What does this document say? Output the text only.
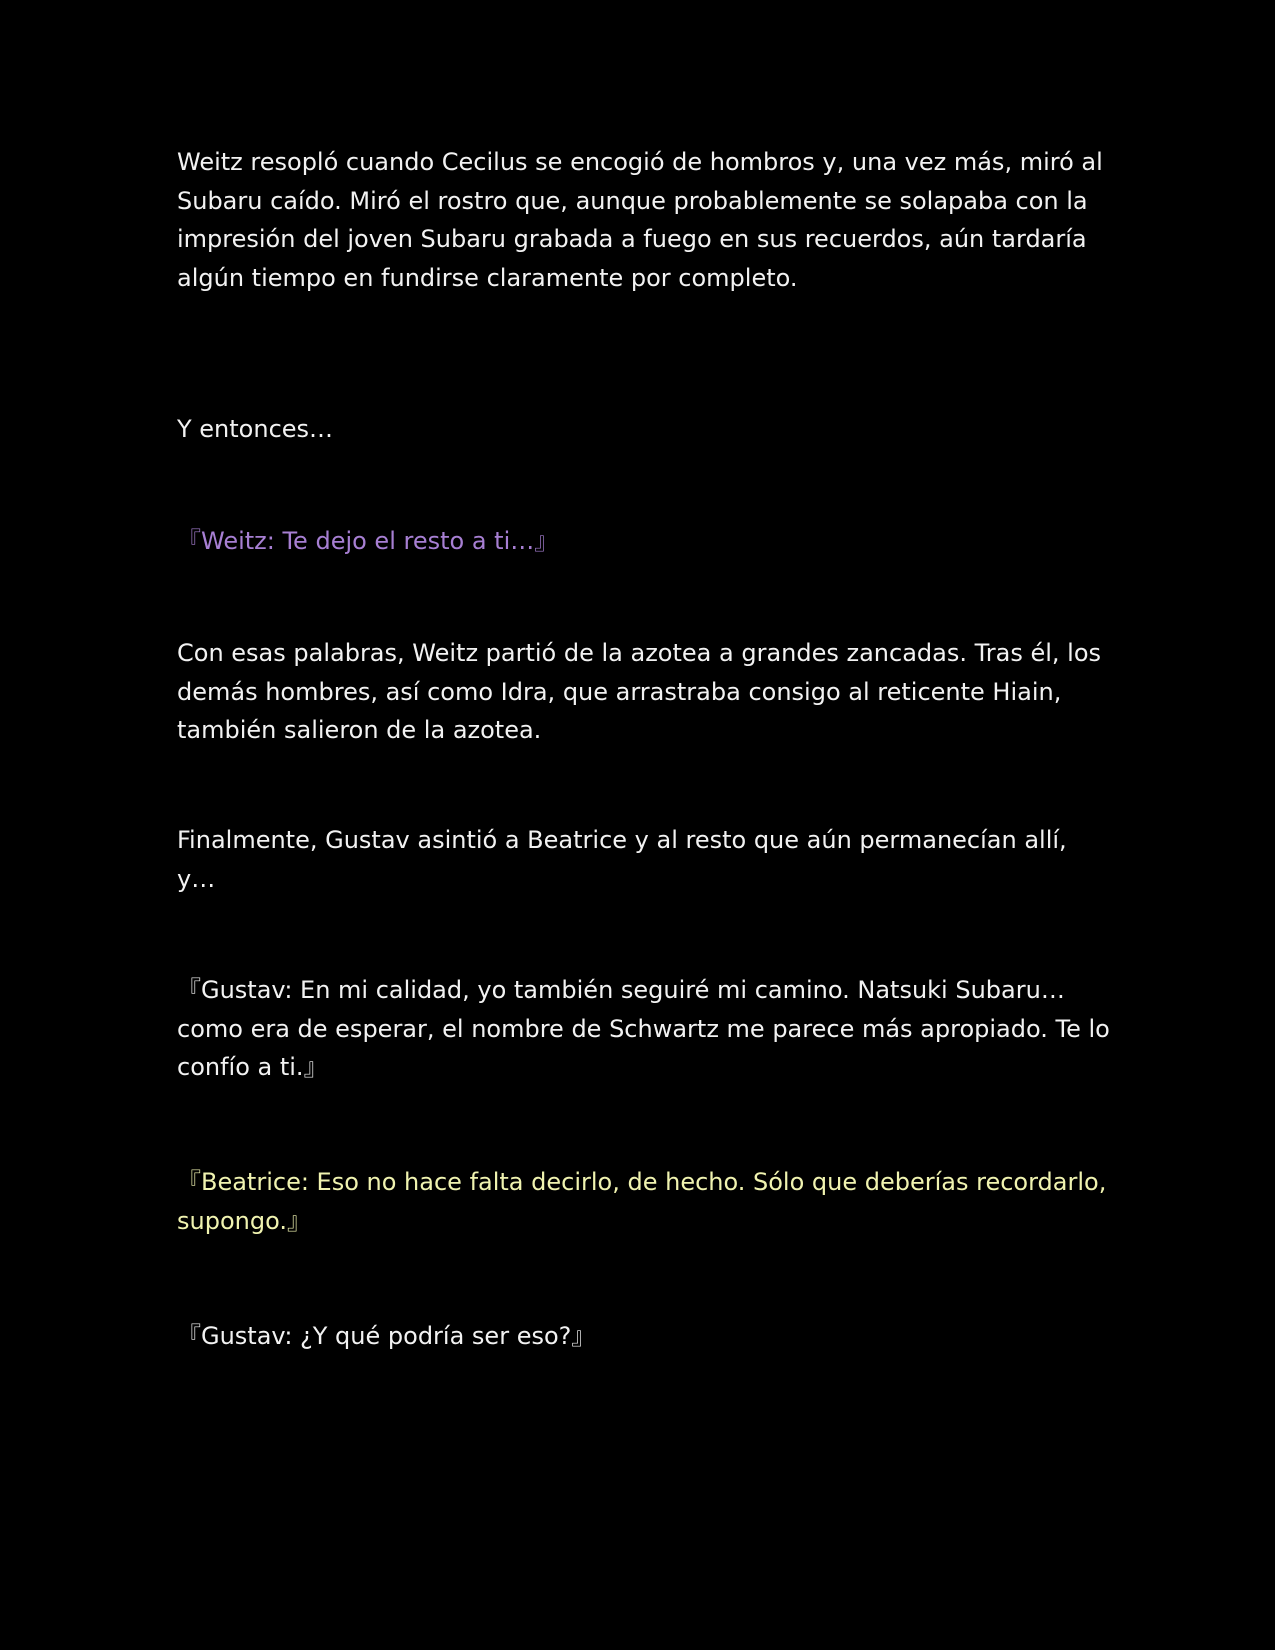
Weitz resopló cuando Cecilus se encogió de hombros y, una vez más, miró al Subaru caído. Miró el rostro que, aunque probablemente se solapaba con la impresión del joven Subaru grabada a fuego en sus recuerdos, aún tardaría algún tiempo en fundirse claramente por completo.

Y entonces…

『Weitz: Te dejo el resto a ti…』

Con esas palabras, Weitz partió de la azotea a grandes zancadas. Tras él, los demás hombres, así como Idra, que arrastraba consigo al reticente Hiain, también salieron de la azotea.

Finalmente, Gustav asintió a Beatrice y al resto que aún permanecían allí, y…

『Gustav: En mi calidad, yo también seguiré mi camino. Natsuki Subaru… como era de esperar, el nombre de Schwartz me parece más apropiado. Te lo confío a ti.』

『Beatrice: Eso no hace falta decirlo, de hecho. Sólo que deberías recordarlo, supongo.』

『Gustav: ¿Y qué podría ser eso?』
